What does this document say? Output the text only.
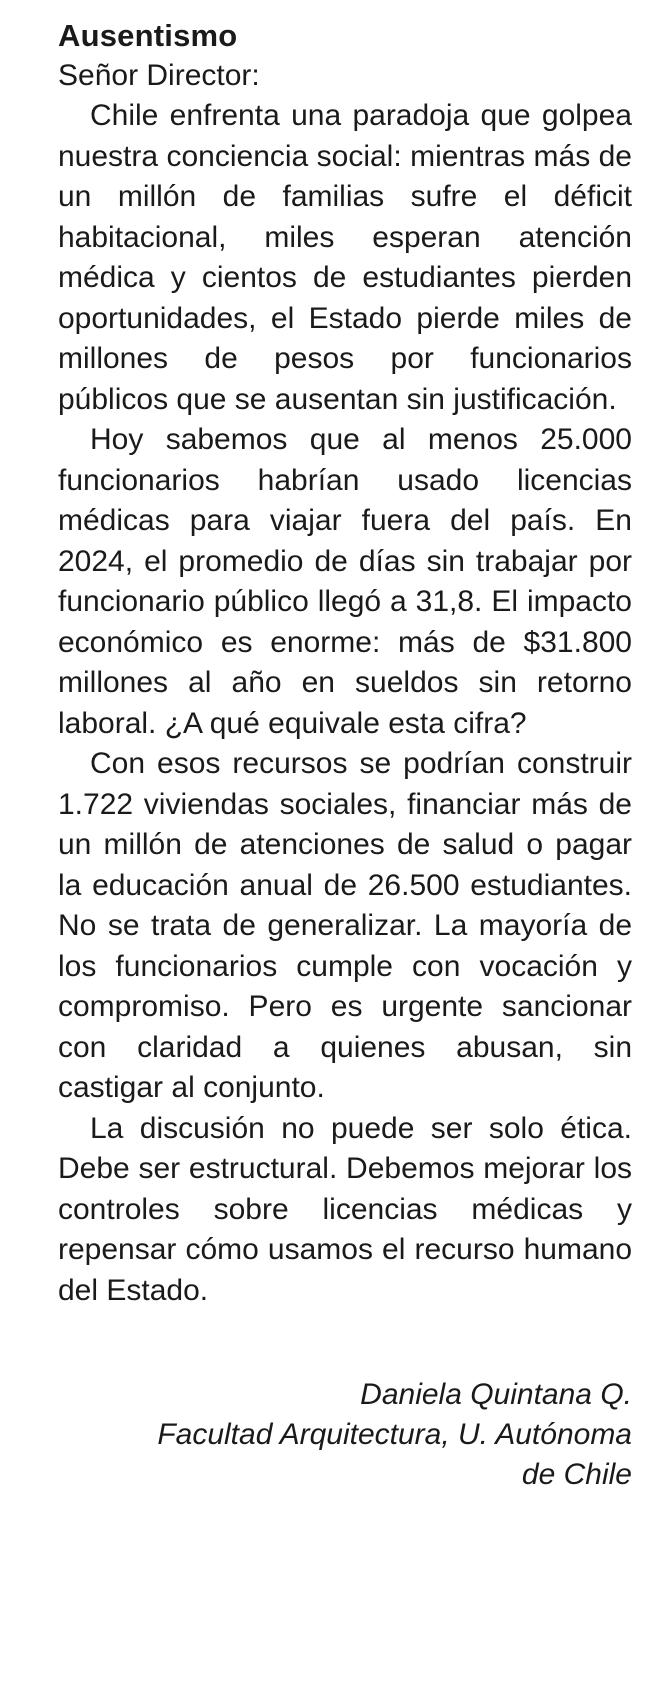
Ausentismo

Señor Director:

Chile enfrenta una paradoja que golpea nuestra conciencia social: mientras más de un millón de familias sufre el déficit habitacional, miles esperan atención médica y cientos de estudiantes pierden oportunidades, el Estado pierde miles de millones de pesos por funcionarios públicos que se ausentan sin justificación.

Hoy sabemos que al menos 25.000 funcionarios habrían usado licencias médicas para viajar fuera del país. En 2024, el promedio de días sin trabajar por funcionario público llegó a 31,8. El impacto económico es enorme: más de $31.800 millones al año en sueldos sin retorno laboral. ¿A qué equivale esta cifra?

Con esos recursos se podrían construir 1.722 viviendas sociales, financiar más de un millón de atenciones de salud o pagar la educación anual de 26.500 estudiantes. No se trata de generalizar. La mayoría de los funcionarios cumple con vocación y compromiso. Pero es urgente sancionar con claridad a quienes abusan, sin castigar al conjunto.

La discusión no puede ser solo ética. Debe ser estructural. Debemos mejorar los controles sobre licencias médicas y repensar cómo usamos el recurso humano del Estado.

Daniela Quintana Q.
Facultad Arquitectura, U. Autónoma
de Chile
